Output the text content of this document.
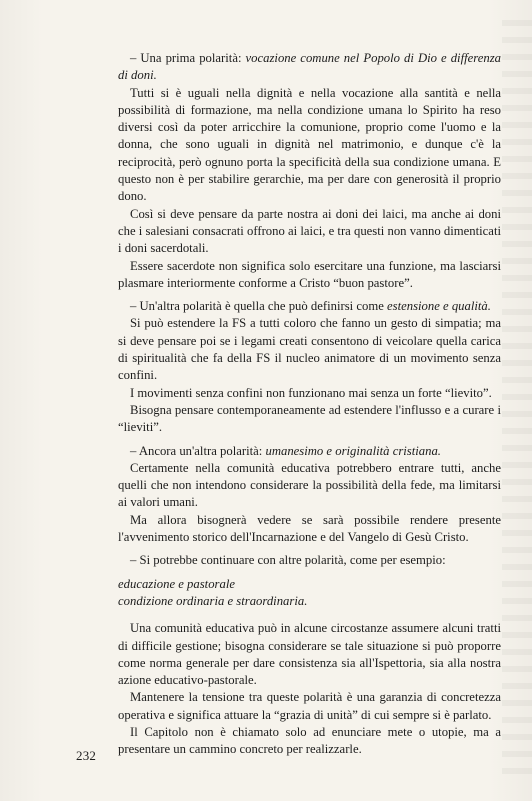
– Una prima polarità: vocazione comune nel Popolo di Dio e differenza di doni.

Tutti si è uguali nella dignità e nella vocazione alla santità e nella possibilità di formazione, ma nella condizione umana lo Spirito ha reso diversi così da poter arricchire la comunione, proprio come l'uomo e la donna, che sono uguali in dignità nel matrimonio, e dunque c'è la reciprocità, però ognuno porta la specificità della sua condizione umana. E questo non è per stabilire gerarchie, ma per dare con generosità il proprio dono.

Così si deve pensare da parte nostra ai doni dei laici, ma anche ai doni che i salesiani consacrati offrono ai laici, e tra questi non vanno dimenticati i doni sacerdotali.

Essere sacerdote non significa solo esercitare una funzione, ma lasciarsi plasmare interiormente conforme a Cristo “buon pastore”.

– Un'altra polarità è quella che può definirsi come estensione e qualità.

Si può estendere la FS a tutti coloro che fanno un gesto di simpatia; ma si deve pensare poi se i legami creati consentono di veicolare quella carica di spiritualità che fa della FS il nucleo animatore di un movimento senza confini.

I movimenti senza confini non funzionano mai senza un forte “lievito”.

Bisogna pensare contemporaneamente ad estendere l'influsso e a curare i “lieviti”.

– Ancora un'altra polarità: umanesimo e originalità cristiana.

Certamente nella comunità educativa potrebbero entrare tutti, anche quelli che non intendono considerare la possibilità della fede, ma limitarsi ai valori umani.

Ma allora bisognerà vedere se sarà possibile rendere presente l'avvenimento storico dell'Incarnazione e del Vangelo di Gesù Cristo.

– Si potrebbe continuare con altre polarità, come per esempio:

educazione e pastorale

condizione ordinaria e straordinaria.

Una comunità educativa può in alcune circostanze assumere alcuni tratti di difficile gestione; bisogna considerare se tale situazione si può proporre come norma generale per dare consistenza sia all'Ispettoria, sia alla nostra azione educativo-pastorale.

Mantenere la tensione tra queste polarità è una garanzia di concretezza operativa e significa attuare la “grazia di unità” di cui sempre si è parlato.

Il Capitolo non è chiamato solo ad enunciare mete o utopie, ma a presentare un cammino concreto per realizzarle.

232
